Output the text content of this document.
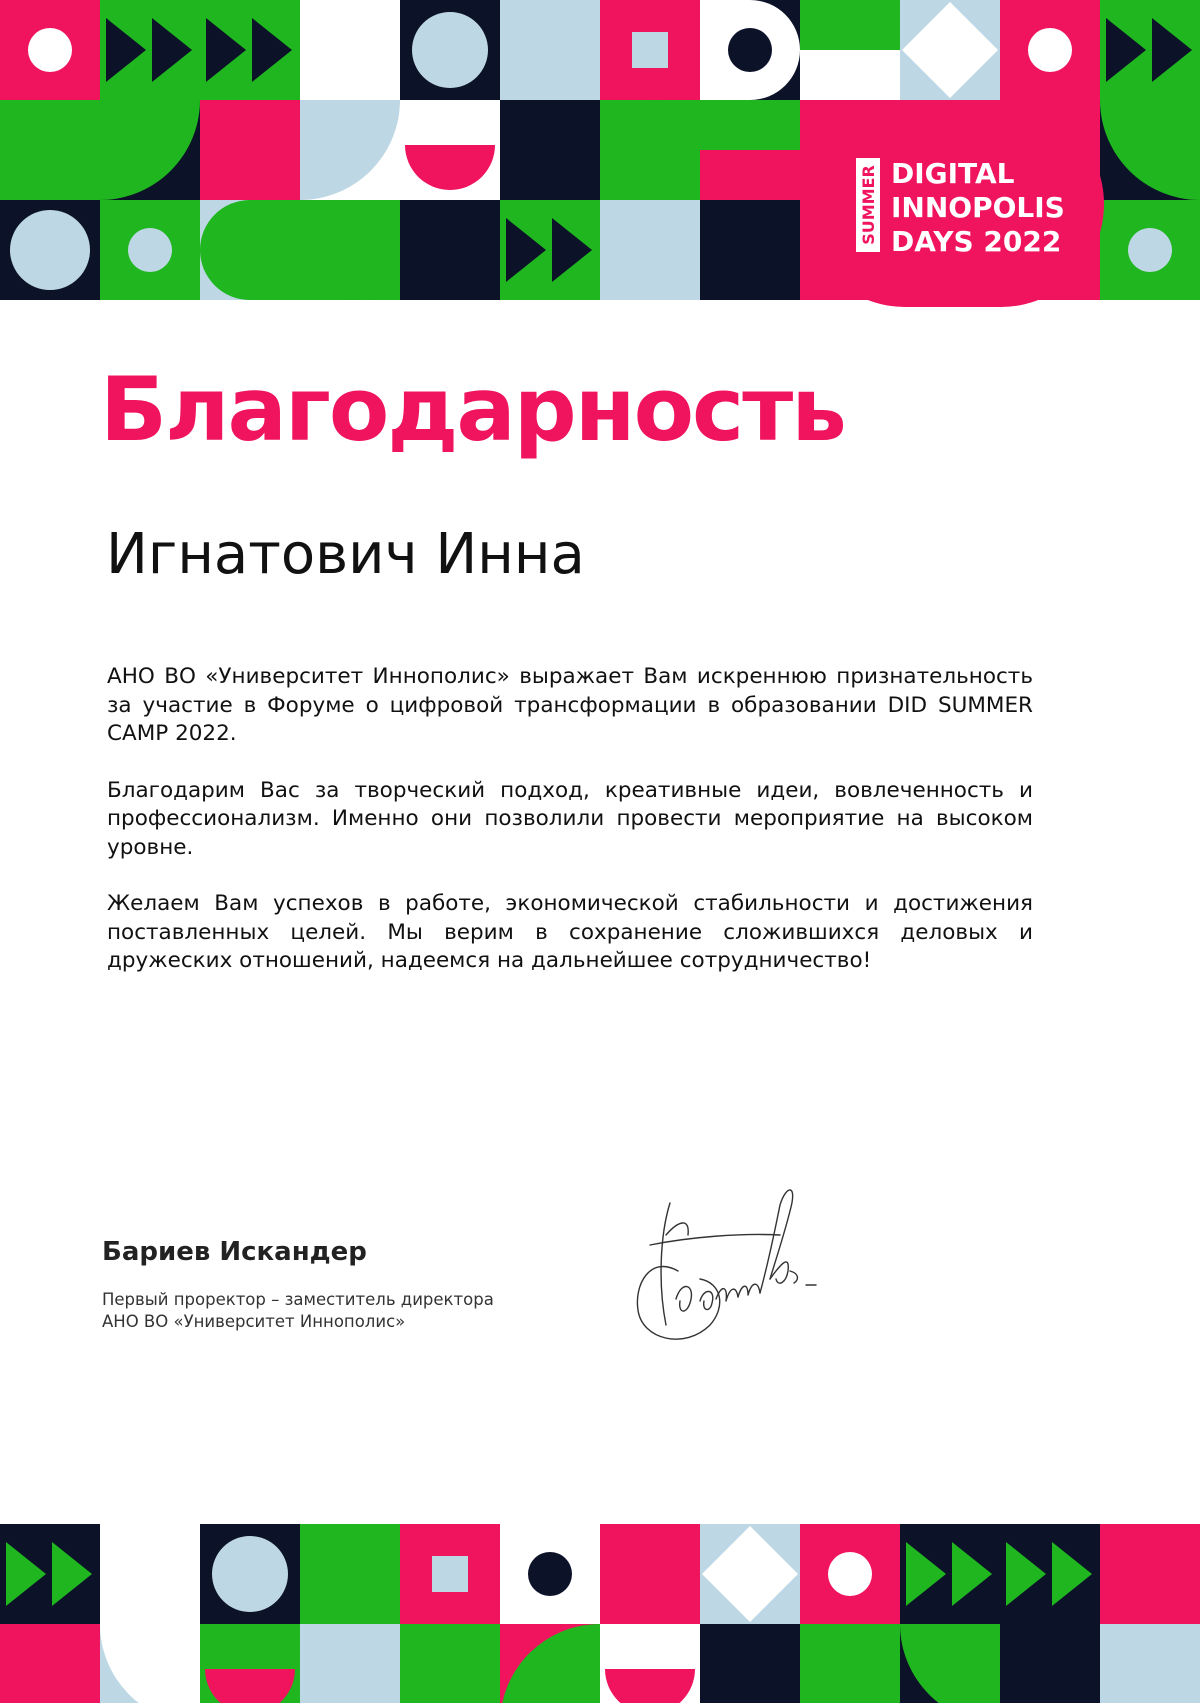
SUMMER DIGITAL
INNOPOLIS
DAYS 2022
Благодарность
Игнатович Инна

АНО ВО «Университет Иннополис» выражает Вам искреннюю признательность за участие в Форуме о цифровой трансформации в образовании DID SUMMER CAMP 2022.

Благодарим Вас за творческий подход, креативные идеи, вовлеченность и профессионализм. Именно они позволили провести мероприятие на высоком уровне.

Желаем Вам успехов в работе, экономической стабильности и достижения поставленных целей. Мы верим в сохранение сложившихся деловых и дружеских отношений, надеемся на дальнейшее сотрудничество!

Бариев Искандер
Первый проректор – заместитель директора
АНО ВО «Университет Иннополис»
